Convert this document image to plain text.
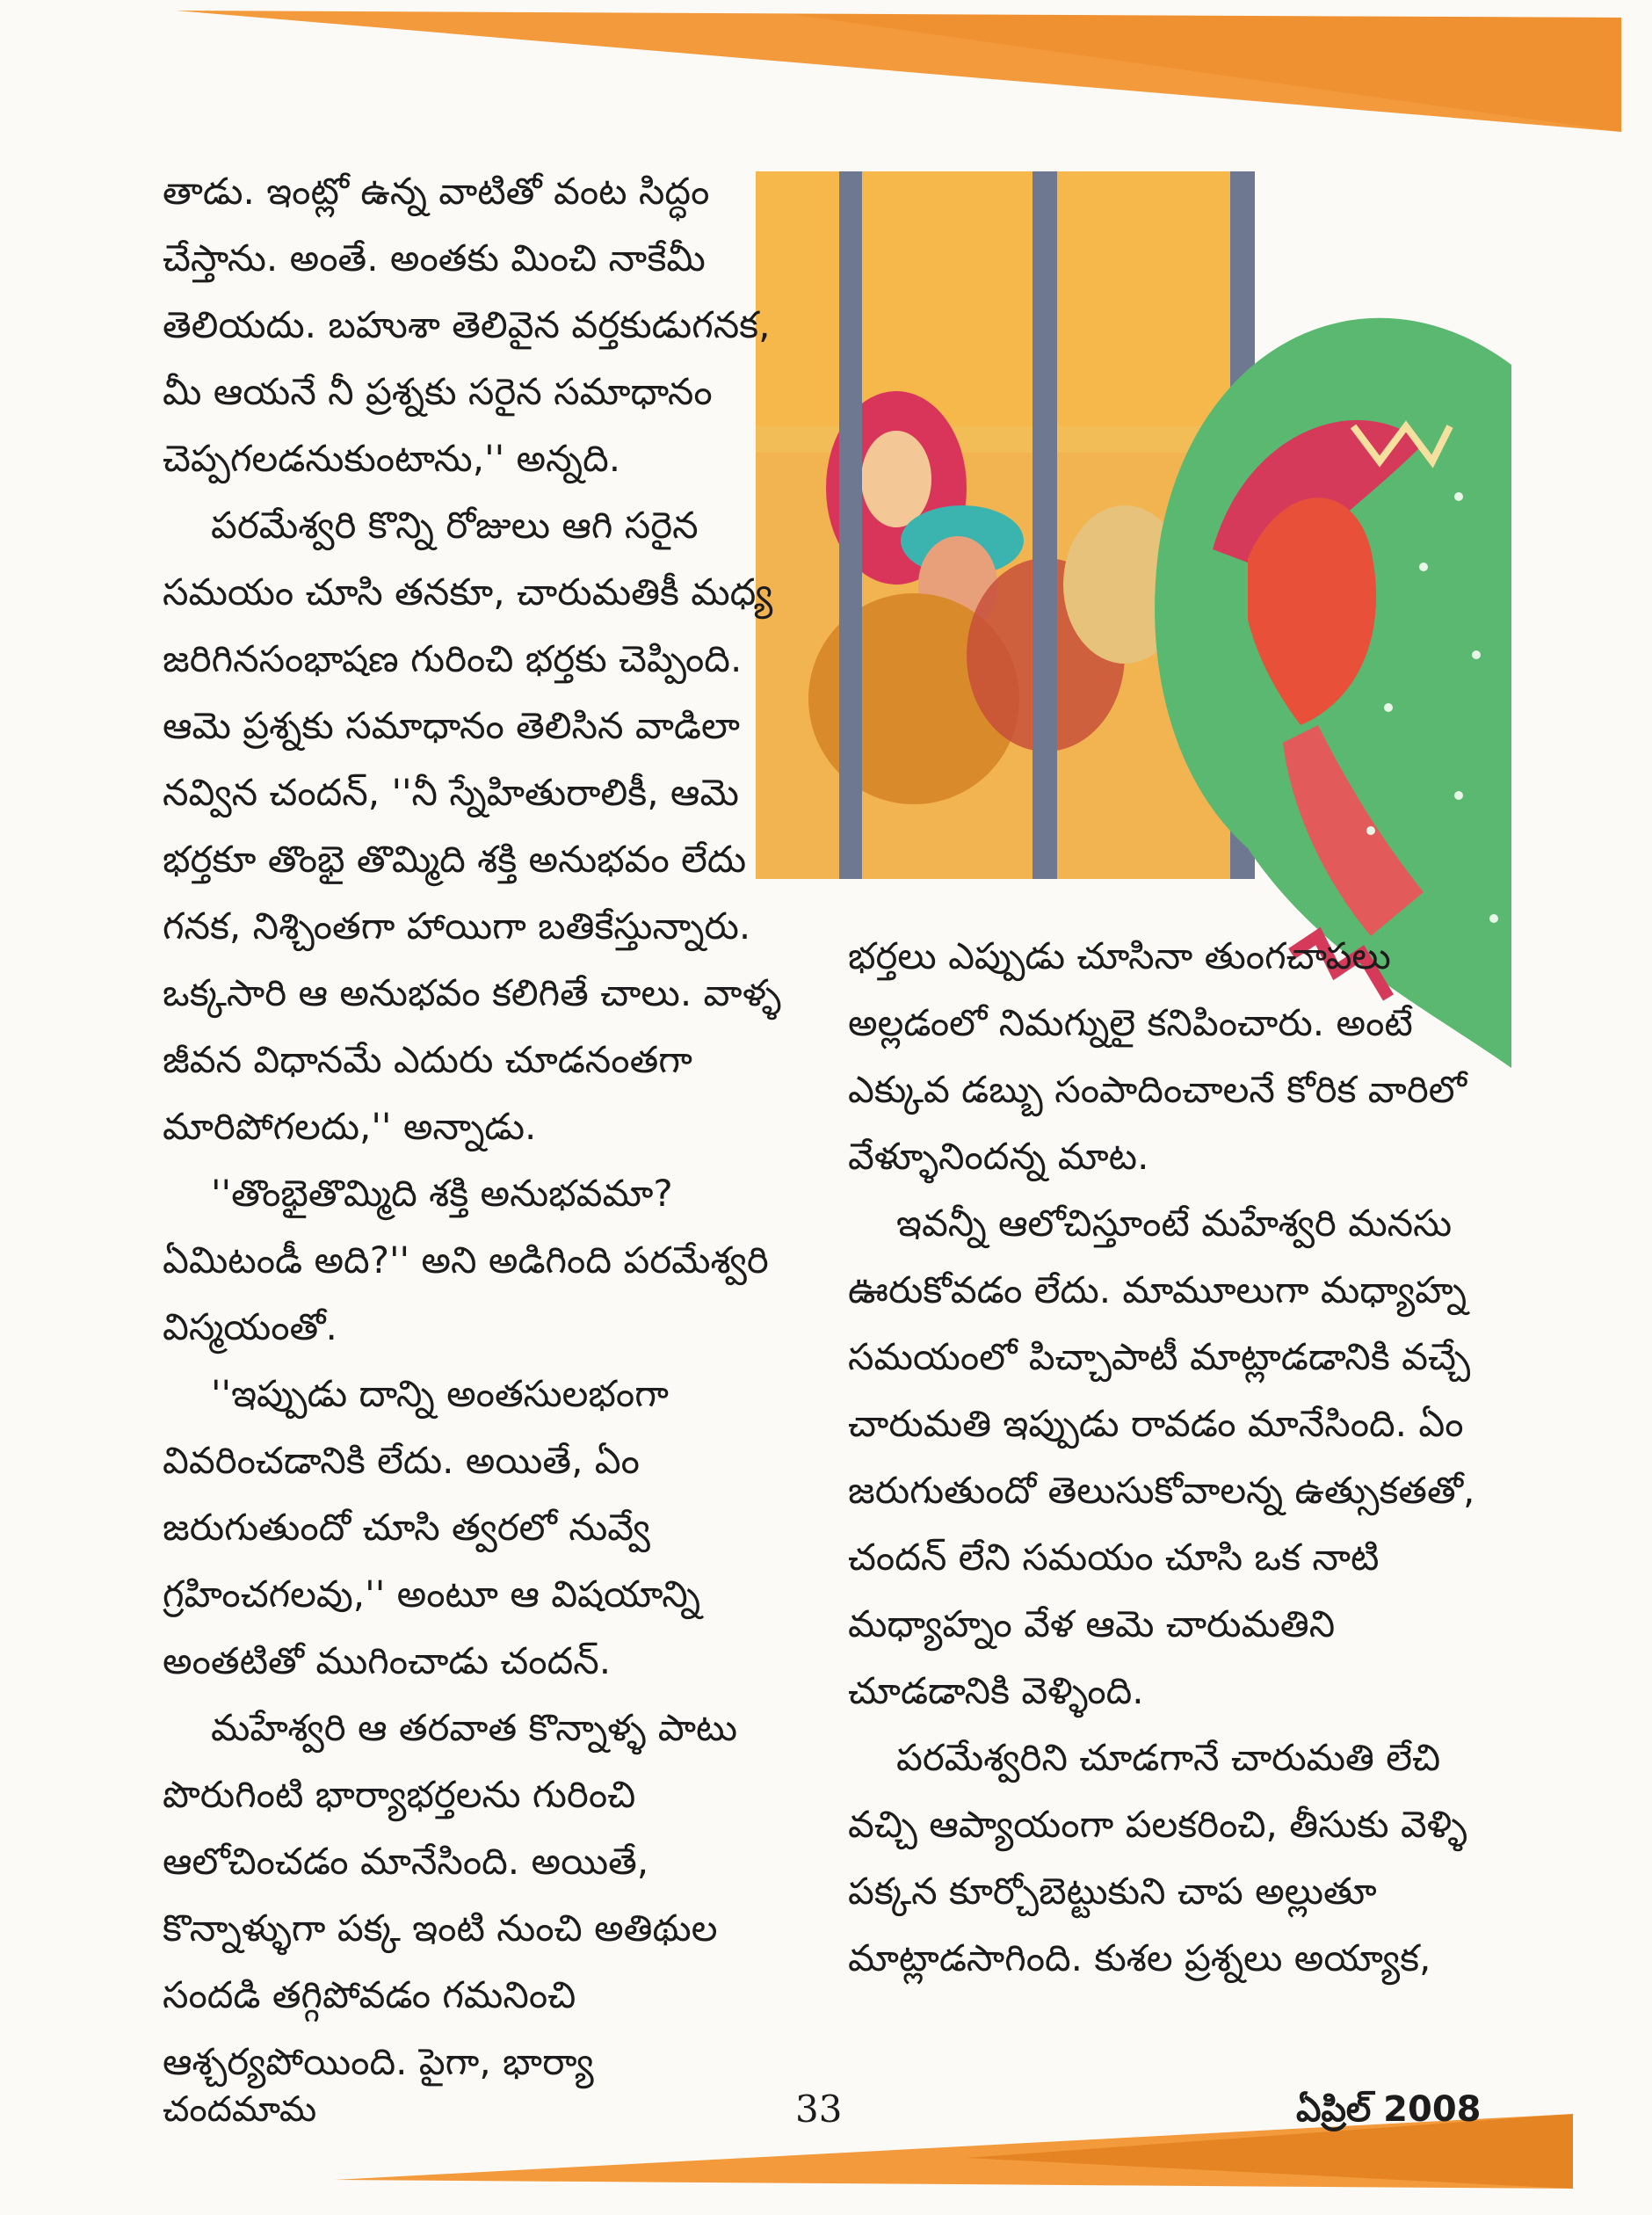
తాడు. ఇంట్లో ఉన్న వాటితో వంట సిద్ధం చేస్తాను. అంతే. అంతకు మించి నాకేమీ తెలియదు. బహుశా తెలివైన వర్తకుడుగనక, మీ ఆయనే నీ ప్రశ్నకు సరైన సమాధానం చెప్పగలడనుకుంటాను,'' అన్నది.

పరమేశ్వరి కొన్ని రోజులు ఆగి సరైన సమయం చూసి తనకూ, చారుమతికీ మధ్య జరిగినసంభాషణ గురించి భర్తకు చెప్పింది. ఆమె ప్రశ్నకు సమాధానం తెలిసిన వాడిలా నవ్విన చందన్, ''నీ స్నేహితురాలికీ, ఆమె భర్తకూ తొంభై తొమ్మిది శక్తి అనుభవం లేదు గనక, నిశ్చింతగా హాయిగా బతికేస్తున్నారు. ఒక్కసారి ఆ అనుభవం కలిగితే చాలు. వాళ్ళ జీవన విధానమే ఎదురు చూడనంతగా మారిపోగలదు,'' అన్నాడు.

''తొంభైతొమ్మిది శక్తి అనుభవమా? ఏమిటండీ అది?'' అని అడిగింది పరమేశ్వరి విస్మయంతో.

''ఇప్పుడు దాన్ని అంతసులభంగా వివరించడానికి లేదు. అయితే, ఏం జరుగుతుందో చూసి త్వరలో నువ్వే గ్రహించగలవు,'' అంటూ ఆ విషయాన్ని అంతటితో ముగించాడు చందన్.

మహేశ్వరి ఆ తరవాత కొన్నాళ్ళ పాటు పొరుగింటి భార్యాభర్తలను గురించి ఆలోచించడం మానేసింది. అయితే, కొన్నాళ్ళుగా పక్క ఇంటి నుంచి అతిథుల సందడి తగ్గిపోవడం గమనించి ఆశ్చర్యపోయింది. పైగా, భార్యా

భర్తలు ఎప్పుడు చూసినా తుంగచాపలు అల్లడంలో నిమగ్నులై కనిపించారు. అంటే ఎక్కువ డబ్బు సంపాదించాలనే కోరిక వారిలో వేళ్ళూనిందన్న మాట.

ఇవన్నీ ఆలోచిస్తూంటే మహేశ్వరి మనసు ఊరుకోవడం లేదు. మామూలుగా మధ్యాహ్న సమయంలో పిచ్చాపాటీ మాట్లాడడానికి వచ్చే చారుమతి ఇప్పుడు రావడం మానేసింది. ఏం జరుగుతుందో తెలుసుకోవాలన్న ఉత్సుకతతో, చందన్ లేని సమయం చూసి ఒక నాటి మధ్యాహ్నం వేళ ఆమె చారుమతిని చూడడానికి వెళ్ళింది.

పరమేశ్వరిని చూడగానే చారుమతి లేచి వచ్చి ఆప్యాయంగా పలకరించి, తీసుకు వెళ్ళి పక్కన కూర్చోబెట్టుకుని చాప అల్లుతూ మాట్లాడసాగింది. కుశల ప్రశ్నలు అయ్యాక,

చందమామ	33	ఏప్రిల్ 2008
